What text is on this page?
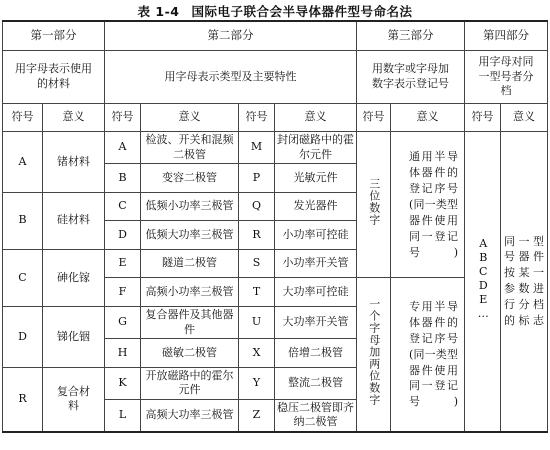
表 1-4 国际电子联合会半导体器件型号命名法
第一部分		第二部分				第三部分		第四部分	
用字母表示使用的材料		用字母表示类型及主要特性				用数字或字母加数字表示登记号		用字母对同一型号者分档	
符号	意义	符号	意义	符号	意义	符号	意义	符号	意义
A	锗材料	A	检波、开关和混频二极管	M	封闭磁路中的霍尔元件	三位数字	通用半导体器件的登记序号(同一类型器件使用同一登记号)	ABCDE…	同一型号器件按某一参数进行分档的标志
		B	变容二极管	P	光敏元件				
B	硅材料	C	低频小功率三极管	Q	发光器件				
		D	低频大功率三极管	R	小功率可控硅				
C	砷化镓	E	隧道二极管	S	小功率开关管				
		F	高频小功率三极管	T	大功率可控硅	一个字母加两位数字	专用半导体器件的登记序号(同一类型器件使用同一登记号)		
D	锑化铟	G	复合器件及其他器件	U	大功率开关管				
		H	磁敏二极管	X	倍增二极管				
R	复合材料	K	开放磁路中的霍尔元件	Y	整流二极管				
		L	高频大功率三极管	Z	稳压二极管即齐纳二极管				
